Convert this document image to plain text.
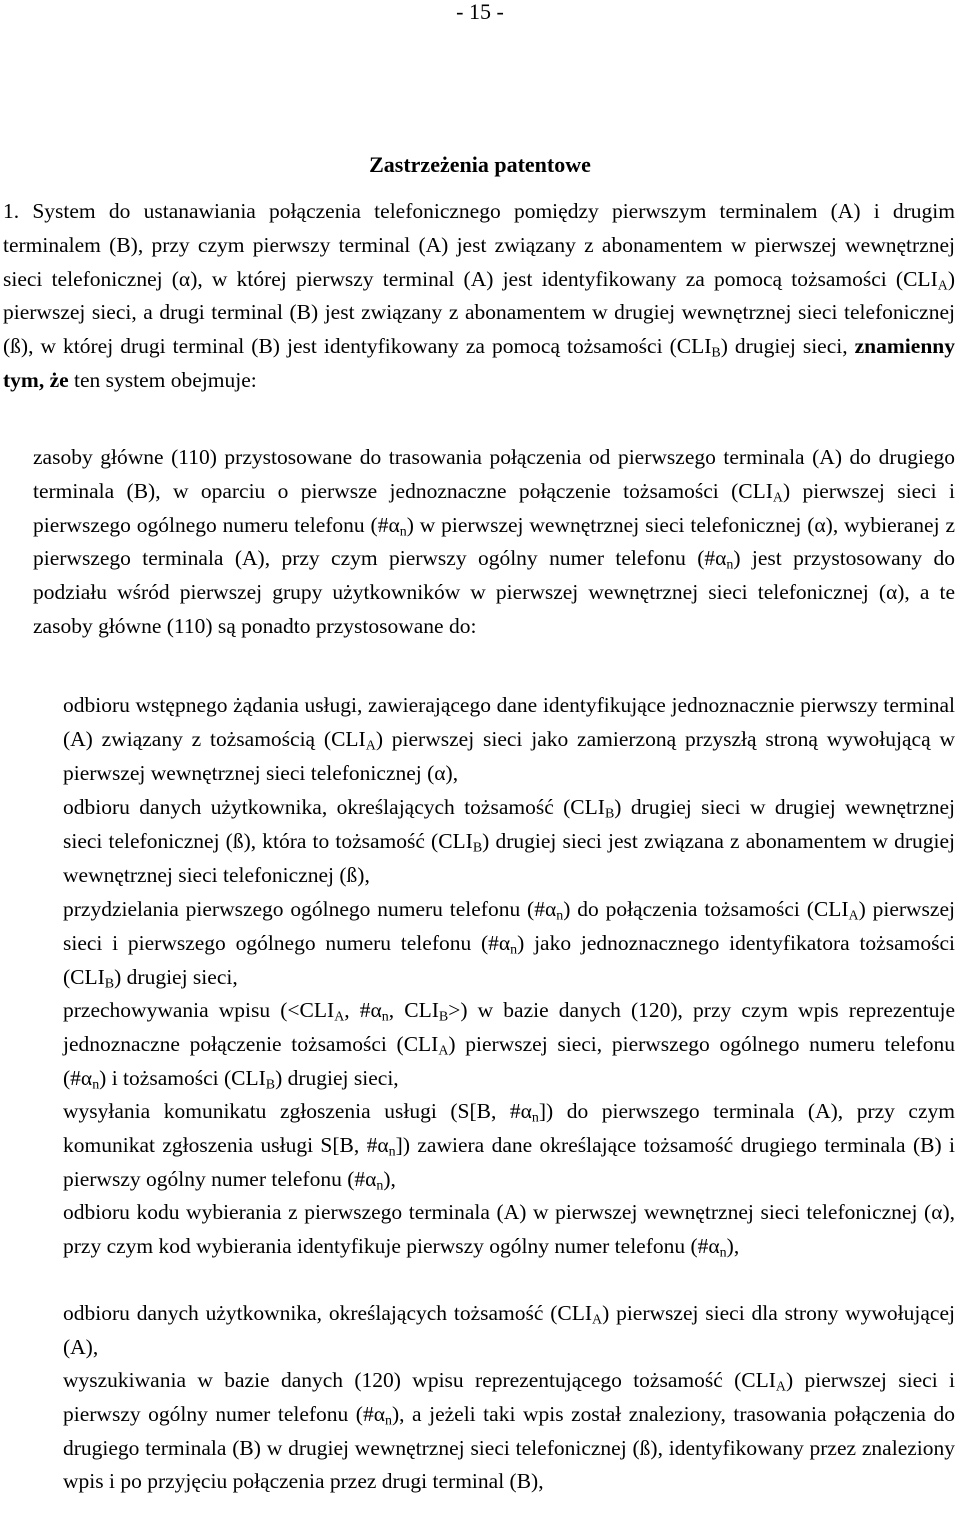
- 15 -
Zastrzeżenia patentowe
1. System do ustanawiania połączenia telefonicznego pomiędzy pierwszym terminalem (A) i drugim terminalem (B), przy czym pierwszy terminal (A) jest związany z abonamentem w pierwszej wewnętrznej sieci telefonicznej (α), w której pierwszy terminal (A) jest identyfikowany za pomocą tożsamości $(CLI_A)$ pierwszej sieci, a drugi terminal (B) jest związany z abonamentem w drugiej wewnętrznej sieci telefonicznej (ß), w której drugi terminal (B) jest identyfikowany za pomocą tożsamości $(CLI_B)$ drugiej sieci, znamienny tym, że ten system obejmuje:
zasoby główne (110) przystosowane do trasowania połączenia od pierwszego terminala (A) do drugiego terminala (B), w oparciu o pierwsze jednoznaczne połączenie tożsamości $(CLI_A)$ pierwszej sieci i pierwszego ogólnego numeru telefonu $(\#\alpha_n)$ w pierwszej wewnętrznej sieci telefonicznej (α), wybieranej z pierwszego terminala (A), przy czym pierwszy ogólny numer telefonu $(\#\alpha_n)$ jest przystosowany do podziału wśród pierwszej grupy użytkowników w pierwszej wewnętrznej sieci telefonicznej (α), a te zasoby główne (110) są ponadto przystosowane do:
odbioru wstępnego żądania usługi, zawierającego dane identyfikujące jednoznacznie pierwszy terminal (A) związany z tożsamością $(CLI_A)$ pierwszej sieci jako zamierzoną przyszłą stroną wywołującą w pierwszej wewnętrznej sieci telefonicznej (α),
odbioru danych użytkownika, określających tożsamość $(CLI_B)$ drugiej sieci w drugiej wewnętrznej sieci telefonicznej (ß), która to tożsamość $(CLI_B)$ drugiej sieci jest związana z abonamentem w drugiej wewnętrznej sieci telefonicznej (ß),
przydzielania pierwszego ogólnego numeru telefonu $(\#\alpha_n)$ do połączenia tożsamości $(CLI_A)$ pierwszej sieci i pierwszego ogólnego numeru telefonu $(\#\alpha_n)$ jako jednoznacznego identyfikatora tożsamości $(CLI_B)$ drugiej sieci,
przechowywania wpisu ($<CLI_A$, $\#\alpha_n$, $CLI_B>$) w bazie danych (120), przy czym wpis reprezentuje jednoznaczne połączenie tożsamości $(CLI_A)$ pierwszej sieci, pierwszego ogólnego numeru telefonu $(\#\alpha_n)$ i tożsamości $(CLI_B)$ drugiej sieci,
wysyłania komunikatu zgłoszenia usługi (S[B, $\#\alpha_n$]) do pierwszego terminala (A), przy czym komunikat zgłoszenia usługi S[B, $\#\alpha_n$]) zawiera dane określające tożsamość drugiego terminala (B) i pierwszy ogólny numer telefonu $(\#\alpha_n)$,
odbioru kodu wybierania z pierwszego terminala (A) w pierwszej wewnętrznej sieci telefonicznej (α), przy czym kod wybierania identyfikuje pierwszy ogólny numer telefonu $(\#\alpha_n)$,
odbioru danych użytkownika, określających tożsamość $(CLI_A)$ pierwszej sieci dla strony wywołującej (A),
wyszukiwania w bazie danych (120) wpisu reprezentującego tożsamość $(CLI_A)$ pierwszej sieci i pierwszy ogólny numer telefonu $(\#\alpha_n)$, a jeżeli taki wpis został znaleziony, trasowania połączenia do drugiego terminala (B) w drugiej wewnętrznej sieci telefonicznej (ß), identyfikowany przez znaleziony wpis i po przyjęciu połączenia przez drugi terminal (B),
